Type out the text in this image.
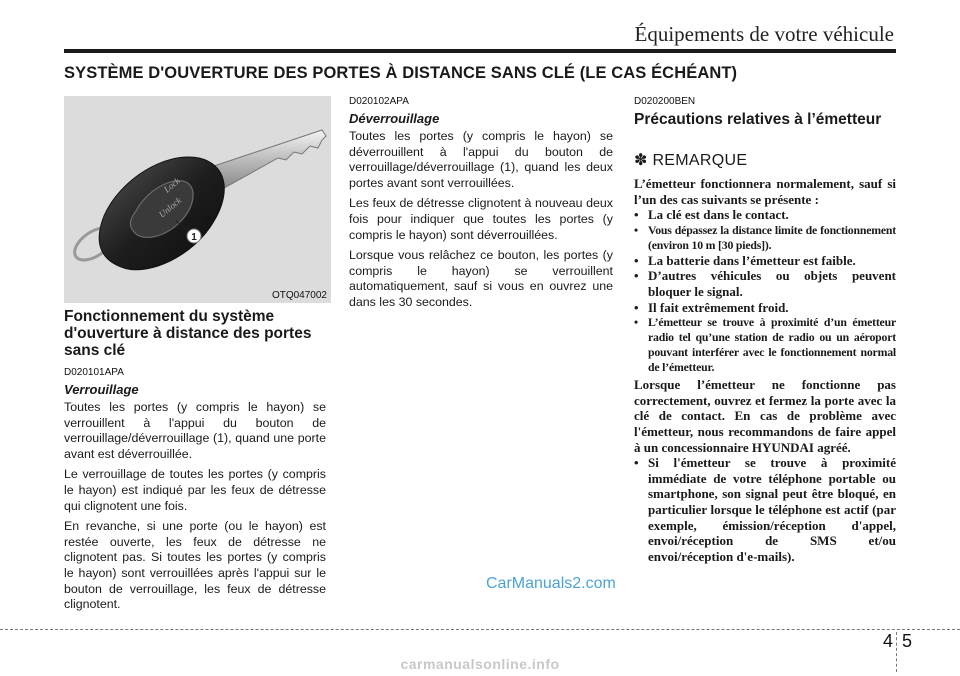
Équipements de votre véhicule
SYSTÈME D'OUVERTURE DES PORTES À DISTANCE SANS CLÉ (LE CAS ÉCHÉANT)
Lock
Unlock
1
OTQ047002
Fonctionnement du système d'ouverture à distance des portes sans clé
D020101APA
Verrouillage

Toutes les portes (y compris le hayon) se verrouillent à l'appui du bouton de verrouillage/déverrouillage (1), quand une porte avant est déverrouillée.

Le verrouillage de toutes les portes (y compris le hayon) est indiqué par les feux de détresse qui clignotent une fois.

En revanche, si une porte (ou le hayon) est restée ouverte, les feux de détresse ne clignotent pas. Si toutes les portes (y compris le hayon) sont verrouillées après l'appui sur le bouton de verrouillage, les feux de détresse clignotent.

D020102APA
Déverrouillage

Toutes les portes (y compris le hayon) se déverrouillent à l'appui du bouton de verrouillage/déverrouillage (1), quand les deux portes avant sont verrouillées.

Les feux de détresse clignotent à nouveau deux fois pour indiquer que toutes les portes (y compris le hayon) sont déverrouillées.

Lorsque vous relâchez ce bouton, les portes (y compris le hayon) se verrouillent automatiquement, sauf si vous en ouvrez une dans les 30 secondes.

D020200BEN
Précautions relatives à l’émetteur
✽ REMARQUE

L’émetteur fonctionnera normalement, sauf si l’un des cas suivants se présente :

• La clé est dans le contact.
• Vous dépassez la distance limite de fonctionnement (environ 10 m [30 pieds]).
• La batterie dans l’émetteur est faible.
• D’autres véhicules ou objets peuvent bloquer le signal.
• Il fait extrêmement froid.
• L’émetteur se trouve à proximité d’un émetteur radio tel qu’une station de radio ou un aéroport pouvant interférer avec le fonctionnement normal de l’émetteur.

Lorsque l’émetteur ne fonctionne pas correctement, ouvrez et fermez la porte avec la clé de contact. En cas de problème avec l'émetteur, nous recommandons de faire appel à un concessionnaire HYUNDAI agréé.

• Si l'émetteur se trouve à proximité immédiate de votre téléphone portable ou smartphone, son signal peut être bloqué, en particulier lorsque le téléphone est actif (par exemple, émission/réception d'appel, envoi/réception de SMS et/ou envoi/réception d'e-mails).
CarManuals2.com
4 5
carmanualsonline.info
